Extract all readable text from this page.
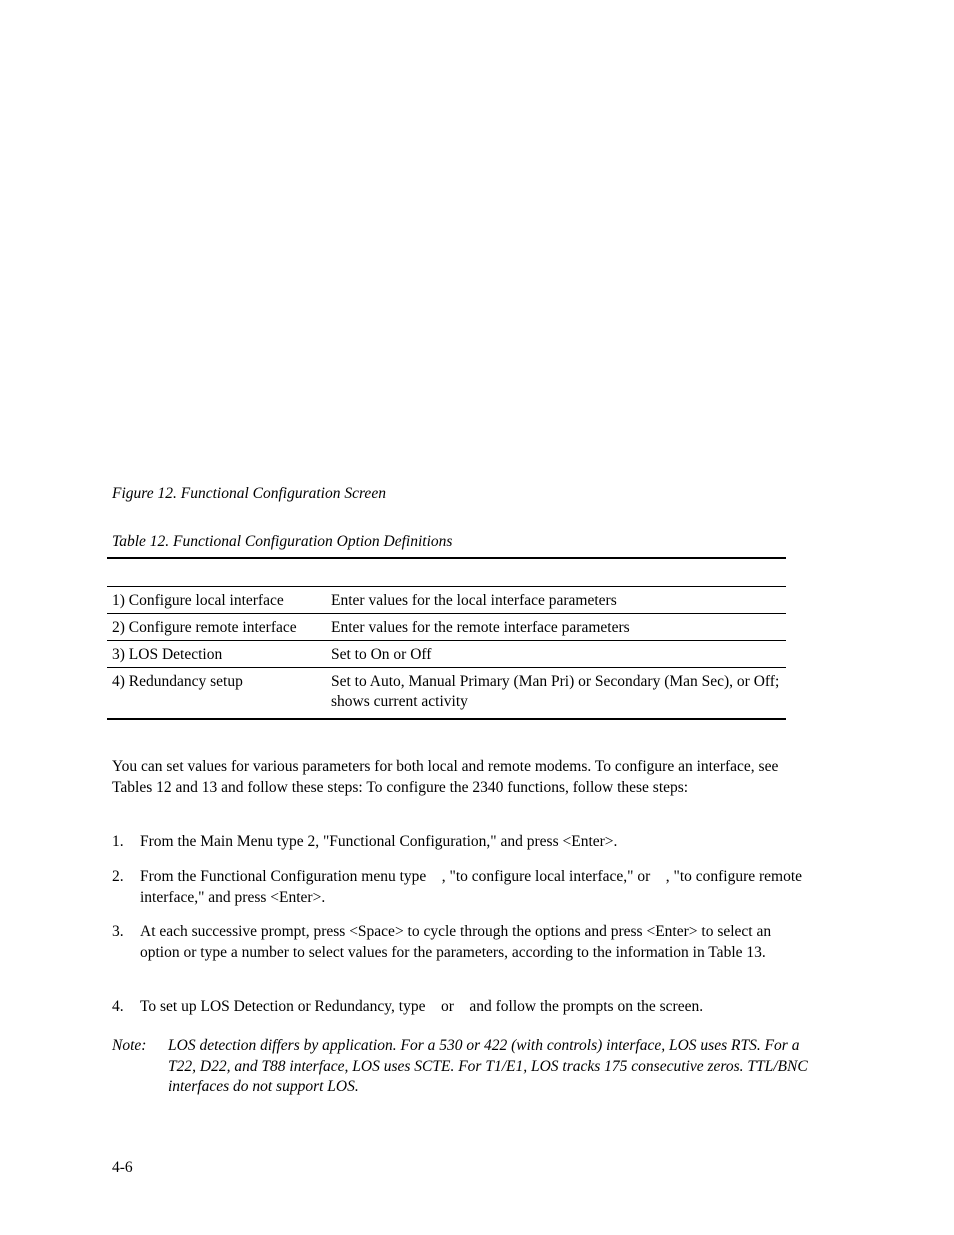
Figure 12. Functional Configuration Screen
Table 12. Functional Configuration Option Definitions
1) Configure local interface	Enter values for the local interface parameters
2) Configure remote interface	Enter values for the remote interface parameters
3) LOS Detection	Set to On or Off
4) Redundancy setup	Set to Auto, Manual Primary (Man Pri) or Secondary (Man Sec), or Off; shows current activity
You can set values for various parameters for both local and remote modems. To configure an interface, see Tables 12 and 13 and follow these steps: To configure the 2340 functions, follow these steps:
1. From the Main Menu type 2, "Functional Configuration," and press <Enter>.
2. From the Functional Configuration menu type    , "to configure local interface," or    , "to configure remote interface," and press <Enter>.
3. At each successive prompt, press <Space> to cycle through the options and press <Enter> to select an option or type a number to select values for the parameters, according to the information in Table 13.
4. To set up LOS Detection or Redundancy, type    or    and follow the prompts on the screen.
Note: LOS detection differs by application. For a 530 or 422 (with controls) interface, LOS uses RTS. For a T22, D22, and T88 interface, LOS uses SCTE. For T1/E1, LOS tracks 175 consecutive zeros. TTL/BNC interfaces do not support LOS.
4-6
